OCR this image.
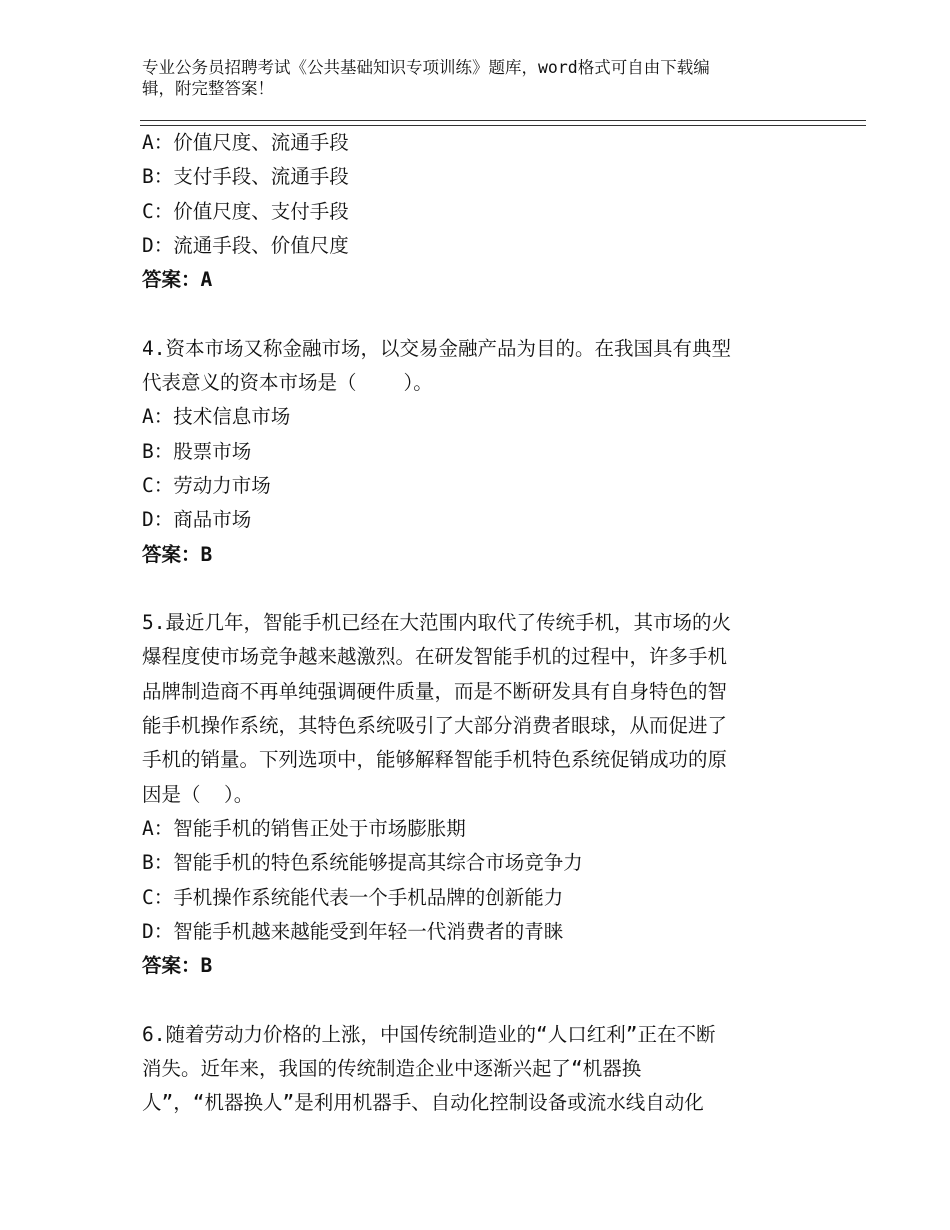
专业公务员招聘考试《公共基础知识专项训练》题库，word格式可自由下载编
辑，附完整答案！
A：价值尺度、流通手段
B：支付手段、流通手段
C：价值尺度、支付手段
D：流通手段、价值尺度
答案：A
4.资本市场又称金融市场，以交易金融产品为目的。在我国具有典型
代表意义的资本市场是（    ）。
A：技术信息市场
B：股票市场
C：劳动力市场
D：商品市场
答案：B
5.最近几年，智能手机已经在大范围内取代了传统手机，其市场的火
爆程度使市场竞争越来越激烈。在研发智能手机的过程中，许多手机
品牌制造商不再单纯强调硬件质量，而是不断研发具有自身特色的智
能手机操作系统，其特色系统吸引了大部分消费者眼球，从而促进了
手机的销量。下列选项中，能够解释智能手机特色系统促销成功的原
因是（  ）。
A：智能手机的销售正处于市场膨胀期
B：智能手机的特色系统能够提高其综合市场竞争力
C：手机操作系统能代表一个手机品牌的创新能力
D：智能手机越来越能受到年轻一代消费者的青睐
答案：B
6.随着劳动力价格的上涨，中国传统制造业的“人口红利”正在不断
消失。近年来，我国的传统制造企业中逐渐兴起了“机器换
人”，“机器换人”是利用机器手、自动化控制设备或流水线自动化
